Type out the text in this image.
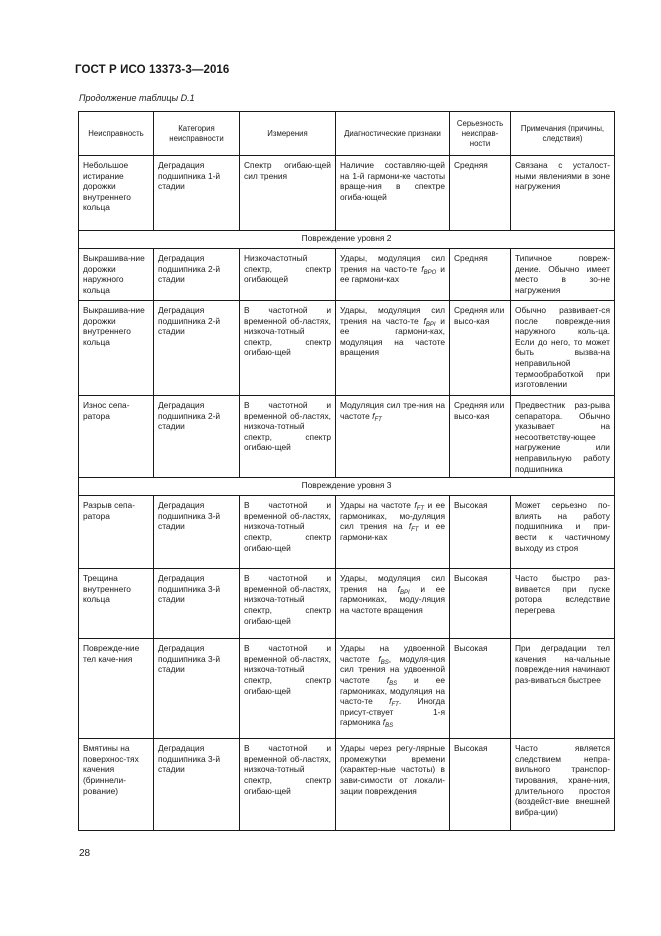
ГОСТ Р ИСО 13373-3—2016
Продолжение таблицы D.1
Неисправность	Категория неисправности	Измерения	Диагностические признаки	Серьезность неисправ-ности	Примечания (причины, следствия)
Небольшое истирание дорожки внутреннего кольца	Деградация подшипника 1-й стадии	Спектр огибаю-щей сил трения	Наличие составляю-щей на 1-й гармони-ке частоты враще-ния в спектре огиба-ющей	Средняя	Связана с усталост-ными явлениями в зоне нагружения
Повреждение уровня 2					
Выкрашива-ние дорожки наружного кольца	Деградация подшипника 2-й стадии	Низкочастотный спектр, спектр огибающей	Удары, модуляция сил трения на часто-те $f_{BPO}$ и ее гармони-ках	Средняя	Типичное повреж-дение. Обычно имеет место в зо-не нагружения
Выкрашива-ние дорожки внутреннего кольца	Деградация подшипника 2-й стадии	В частотной и временной об-ластях, низкоча-тотный спектр, спектр огибаю-щей	Удары, модуляция сил трения на часто-те $f_{BPI}$ и ее гармони-ках, модуляция на частоте вращения	Средняя или высо-кая	Обычно развивает-ся после поврежде-ния наружного коль-ца. Если до него, то может быть вызва-на неправильной термообработкой при изготовлении
Износ сепа-ратора	Деградация подшипника 2-й стадии	В частотной и временной об-ластях, низкоча-тотный спектр, спектр огибаю-щей	Модуляция сил тре-ния на частоте $f_{FT}$	Средняя или высо-кая	Предвестник раз-рыва сепаратора. Обычно указывает на несоответству-ющее нагружение или неправильную работу подшипника
Повреждение уровня 3					
Разрыв сепа-ратора	Деградация подшипника 3-й стадии	В частотной и временной об-ластях, низкоча-тотный спектр, спектр огибаю-щей	Удары на частоте $f_{FT}$ и ее гармониках, мо-дуляция сил трения на $f_{FT}$ и ее гармони-ках	Высокая	Может серьезно по-влиять на работу подшипника и при-вести к частичному выходу из строя
Трещина внутреннего кольца	Деградация подшипника 3-й стадии	В частотной и временной об-ластях, низкоча-тотный спектр, спектр огибаю-щей	Удары, модуляция сил трения на $f_{BPI}$ и ее гармониках, моду-ляция на частоте вращения	Высокая	Часто быстро раз-вивается при пуске ротора вследствие перегрева
Поврежде-ние тел каче-ния	Деградация подшипника 3-й стадии	В частотной и временной об-ластях, низкоча-тотный спектр, спектр огибаю-щей	Удары на удвоенной частоте $f_{BS}$, модуля-ция сил трения на удвоенной частоте $f_{BS}$ и ее гармониках, модуляция на часто-те $f_{FT}$. Иногда присут-ствует 1-я гармоника $f_{BS}$	Высокая	При деградации тел качения на-чальные поврежде-ния начинают раз-виваться быстрее
Вмятины на поверхнос-тях качения (бриннели-рование)	Деградация подшипника 3-й стадии	В частотной и временной об-ластях, низкоча-тотный спектр, спектр огибаю-щей	Удары через регу-лярные промежутки времени (характер-ные частоты) в зави-симости от локали-зации повреждения	Высокая	Часто является следствием непра-вильного транспор-тирования, хране-ния, длительного простоя (воздейст-вие внешней вибра-ции)
28
